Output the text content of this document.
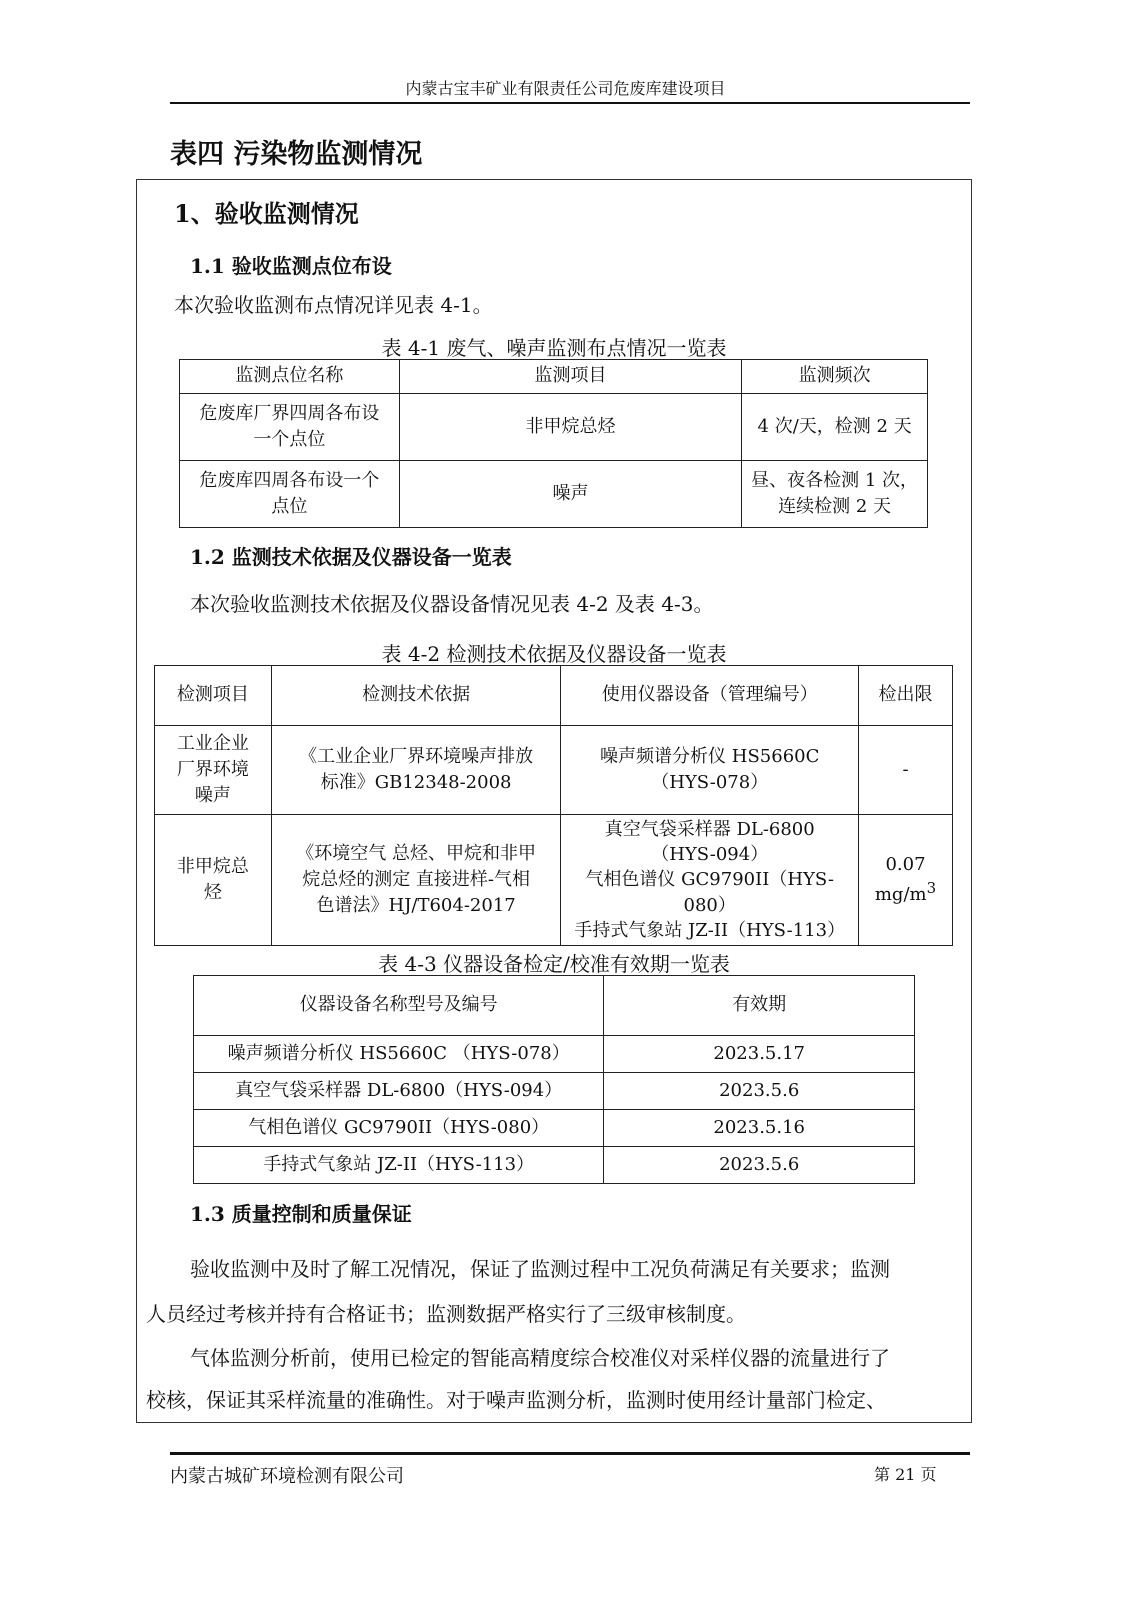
内蒙古宝丰矿业有限责任公司危废库建设项目
表四 污染物监测情况
1、验收监测情况
1.1 验收监测点位布设
本次验收监测布点情况详见表 4-1。
表 4-1 废气、噪声监测布点情况一览表
监测点位名称	监测项目	监测频次
危废库厂界四周各布设
一个点位	非甲烷总烃	4 次/天，检测 2 天
危废库四周各布设一个
点位	噪声	昼、夜各检测 1 次，
连续检测 2 天
1.2 监测技术依据及仪器设备一览表
本次验收监测技术依据及仪器设备情况见表 4-2 及表 4-3。
表 4-2 检测技术依据及仪器设备一览表
检测项目	检测技术依据	使用仪器设备（管理编号）	检出限
工业企业
厂界环境
噪声	《工业企业厂界环境噪声排放
标准》GB12348-2008	噪声频谱分析仪 HS5660C
（HYS-078）	-
非甲烷总
烃	《环境空气 总烃、甲烷和非甲
烷总烃的测定 直接进样-气相
色谱法》HJ/T604-2017	真空气袋采样器 DL-6800
（HYS-094）
气相色谱仪 GC9790II（HYS-080）
手持式气象站 JZ-II（HYS-113）	0.07
$mg/m^3$
表 4-3 仪器设备检定/校准有效期一览表
仪器设备名称型号及编号	有效期
噪声频谱分析仪 HS5660C （HYS-078）	2023.5.17
真空气袋采样器 DL-6800（HYS-094）	2023.5.6
气相色谱仪 GC9790II（HYS-080）	2023.5.16
手持式气象站 JZ-II（HYS-113）	2023.5.6
1.3 质量控制和质量保证
验收监测中及时了解工况情况，保证了监测过程中工况负荷满足有关要求；监测
人员经过考核并持有合格证书；监测数据严格实行了三级审核制度。
气体监测分析前，使用已检定的智能高精度综合校准仪对采样仪器的流量进行了
校核，保证其采样流量的准确性。对于噪声监测分析，监测时使用经计量部门检定、
内蒙古城矿环境检测有限公司	第 21 页
